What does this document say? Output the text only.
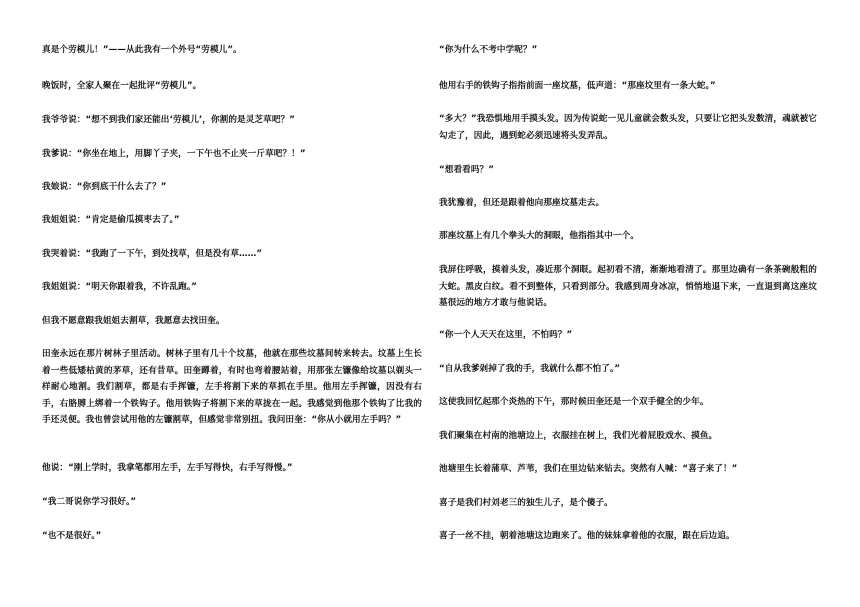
真是个劳模儿！”——从此我有一个外号“劳模儿”。

晚饭时，全家人聚在一起批评“劳模儿”。

我爷爷说：“想不到我们家还能出‘劳模儿’，你割的是灵芝草吧？”

我爹说：“你坐在地上，用脚丫子夹，一下午也不止夹一斤草吧？！”

我娘说：“你到底干什么去了？”

我姐姐说：“肯定是偷瓜摸枣去了。”

我哭着说：“我跑了一下午，到处找草，但是没有草……”

我姐姐说：“明天你跟着我，不许乱跑。”

但我不愿意跟我姐姐去割草，我愿意去找田奎。

田奎永远在那片树林子里活动。树林子里有几十个坟墓，他就在那些坟墓间转来转去。坟墓上生长着一些低矮枯黄的茅草，还有昔草。田奎蹲着，有时也弯着腰站着，用那张左镰像给坟墓以剃头一样耐心地割。我们割草，都是右手挥镰，左手将割下来的草抓在手里。他用左手挥镰，因没有右手，右胳膊上绑着一个铁钩子。他用铁钩子将割下来的草拢在一起。我感觉到他那个铁钩了比我的手还灵便。我也曾尝试用他的左镰割草，但感觉非常别扭。我问田奎：“你从小就用左手吗？”

他说：“刚上学时，我拿笔都用左手，左手写得快，右手写得慢。”

“我二哥说你学习很好。”

“也不是很好。”

“你为什么不考中学呢？”

他用右手的铁钩子指指前面一座坟墓，低声道：“那座坟里有一条大蛇。”

“多大？”我恐惧地用手摸头发。因为传说蛇一见儿童就会数头发，只要让它把头发数清，魂就被它勾走了，因此，遇到蛇必须迅速将头发弄乱。

“想看看吗？”

我犹豫着，但还是跟着他向那座坟墓走去。

那座坟墓上有几个拳头大的洞眼，他指指其中一个。

我屏住呼吸，摸着头发，凑近那个洞眼。起初看不清，渐渐地看清了。那里边确有一条茶碗般粗的大蛇。黑皮白纹。看不到整体，只看到部分。我感到周身冰凉，悄悄地退下来，一直退到离这座坟墓很远的地方才敢与他说话。

“你一个人天天在这里，不怕吗？”

“自从我爹剁掉了我的手，我就什么都不怕了。”

这使我回忆起那个炎热的下午，那时候田奎还是一个双手健全的少年。

我们聚集在村南的池塘边上，衣服挂在树上，我们光着屁股戏水、摸鱼。

池塘里生长着蒲草、芦苇，我们在里边钻来钻去。突然有人喊：“喜子来了！”

喜子是我们村刘老三的独生儿子，是个傻子。

喜子一丝不挂，朝着池塘这边跑来了。他的妹妹拿着他的衣服，跟在后边追。
